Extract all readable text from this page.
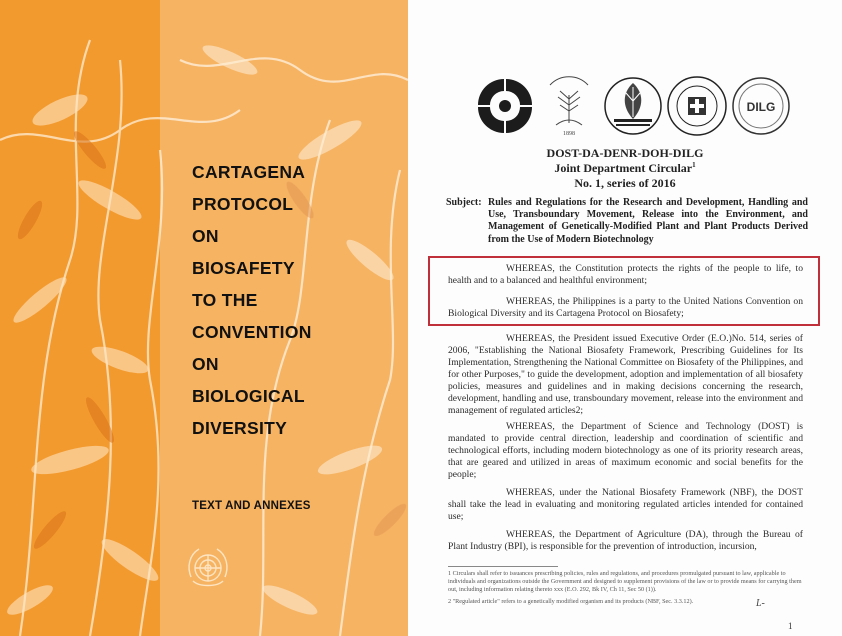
CARTAGENA
PROTOCOL
ON
BIOSAFETY
TO THE
CONVENTION
ON
BIOLOGICAL
DIVERSITY
TEXT AND ANNEXES
1898
DILG
DOST-DA-DENR-DOH-DILG
Joint Department Circular$^1$
No. 1, series of 2016
Subject: Rules and Regulations for the Research and Development, Handling and Use, Transboundary Movement, Release into the Environment, and Management of Genetically-Modified Plant and Plant Products Derived from the Use of Modern Biotechnology
WHEREAS, the Constitution protects the rights of the people to life, to health and to a balanced and healthful environment;
WHEREAS, the Philippines is a party to the United Nations Convention on Biological Diversity and its Cartagena Protocol on Biosafety;
WHEREAS, the President issued Executive Order (E.O.)No. 514, series of 2006, "Establishing the National Biosafety Framework, Prescribing Guidelines for Its Implementation, Strengthening the National Committee on Biosafety of the Philippines, and for other Purposes," to guide the development, adoption and implementation of all biosafety policies, measures and guidelines and in making decisions concerning the research, development, handling and use, transboundary movement, release into the environment and management of regulated articles2;
WHEREAS, the Department of Science and Technology (DOST) is mandated to provide central direction, leadership and coordination of scientific and technological efforts, including modern biotechnology as one of its priority research areas, that are geared and utilized in areas of maximum economic and social benefits for the people;
WHEREAS, under the National Biosafety Framework (NBF), the DOST shall take the lead in evaluating and monitoring regulated articles intended for contained use;
WHEREAS, the Department of Agriculture (DA), through the Bureau of Plant Industry (BPI), is responsible for the prevention of introduction, incursion,
1 Circulars shall refer to issuances prescribing policies, rules and regulations, and procedures promulgated pursuant to law, applicable to individuals and organizations outside the Government and designed to supplement provisions of the law or to provide means for carrying them out, including information relating thereto xxx (E.O. 292, Bk IV, Ch 11, Sec 50 (1)).
2 "Regulated article" refers to a genetically modified organism and its products (NBF, Sec. 3.3.12).	L-
1
